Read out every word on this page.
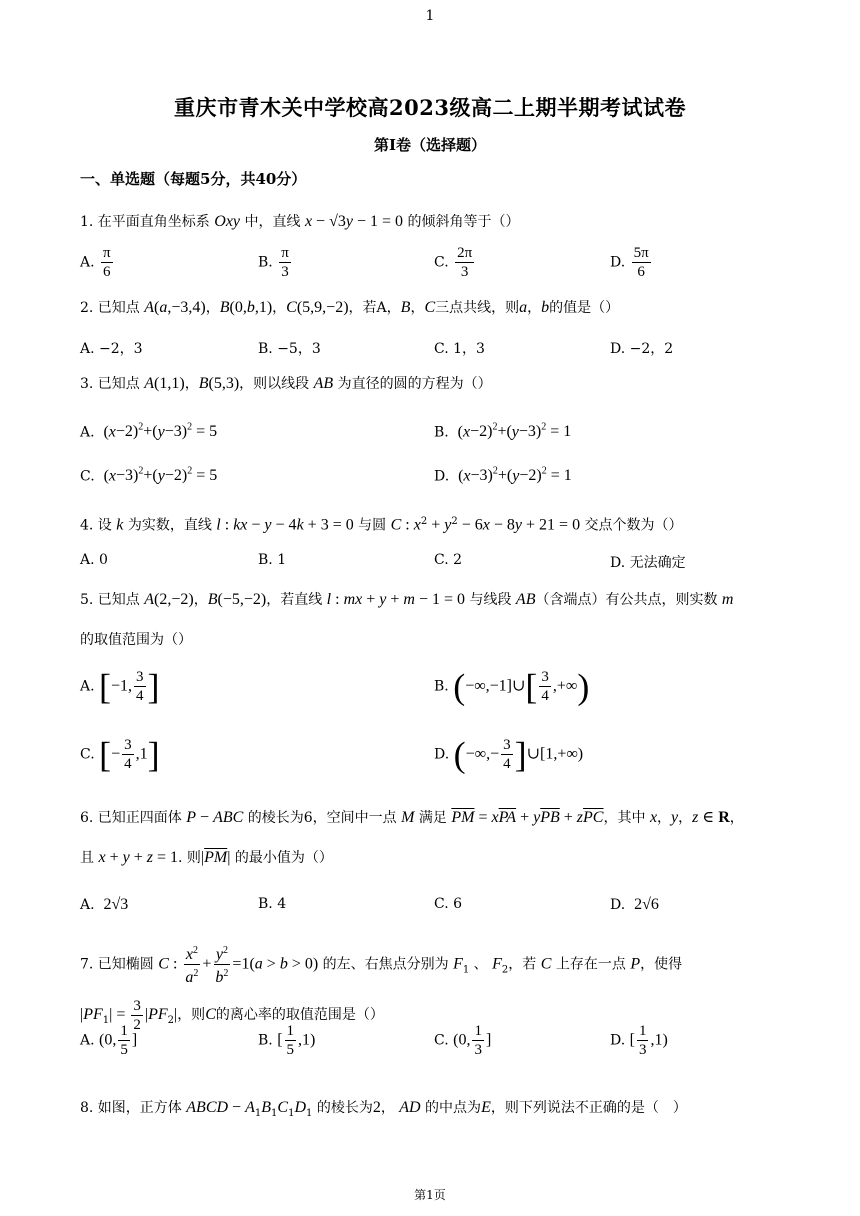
1
重庆市青木关中学校高2023级高二上期半期考试试卷
第I卷（选择题）
一、单选题（每题5分，共40分）
1. 在平面直角坐标系 Oxy 中，直线 x − √3y − 1 = 0 的倾斜角等于（）
A. $\frac{\pi}{6}$	B. $\frac{\pi}{3}$	C. $\frac{2\pi}{3}$	D. $\frac{5\pi}{6}$
2. 已知点 A(a,−3,4)，B(0,b,1)，C(5,9,−2)，若A，B，C三点共线，则a，b的值是（）
A. −2，3	B. −5，3	C. 1，3	D. −2，2
3. 已知点 A(1,1)，B(5,3)，则以线段 AB 为直径的圆的方程为（）
A.  $(x-2)^2+(y-3)^2 = 5$	B.  $(x-2)^2+(y-3)^2 = 1$
C.  $(x-3)^2+(y-2)^2 = 5$	D.  $(x-3)^2+(y-2)^2 = 1$
4. 设 k 为实数，直线 l : kx − y − 4k + 3 = 0 与圆 C : $x^2 + y^2 - 6x - 8y + 21 = 0$ 交点个数为（）
A. 0	B. 1	C. 2	D. 无法确定
5. 已知点 A(2,−2)，B(−5,−2)，若直线 l : mx + y + m − 1 = 0 与线段 AB（含端点）有公共点，则实数 m
的取值范围为（）
A. [−1, $\frac{3}{4}$ ]	B. (−∞,−1]∪[ $\frac{3}{4}$ ,+∞)
C. [− $\frac{3}{4} ,1$]	D. (−∞,− $\frac{3}{4}$ ]∪[1,+∞)
6. 已知正四面体 P − ABC 的棱长为6，空间中一点 M 满足 $\overline{PM} = x\overline{PA} + y\overline{PB} + z\overline{PC}$，其中 x，y，z ∈ R，
且 x + y + z = 1. 则$|\overline{PM}|$ 的最小值为（）
A.  2√3	B. 4	C. 6	D.  2√6
7. 已知椭圆 C : $\frac{x^2}{a^2} + \frac{y^2}{b^2} =1(a > b > 0)$ 的左、右焦点分别为 $F_1$ 、 $F_2$，若 C 上存在一点 P，使得
$|PF_1| = \frac{3}{2} |PF_2|$，则C的离心率的取值范围是（）
A. (0, $\frac{1}{5}$ ]	B. [ $\frac{1}{5} ,1$)	C. (0, $\frac{1}{3}$ ]	D. [ $\frac{1}{3} ,1$)
8. 如图，正方体 ABCD − $A_1B_1C_1D_1$ 的棱长为2， AD 的中点为E，则下列说法不正确的是（　）
第1页
